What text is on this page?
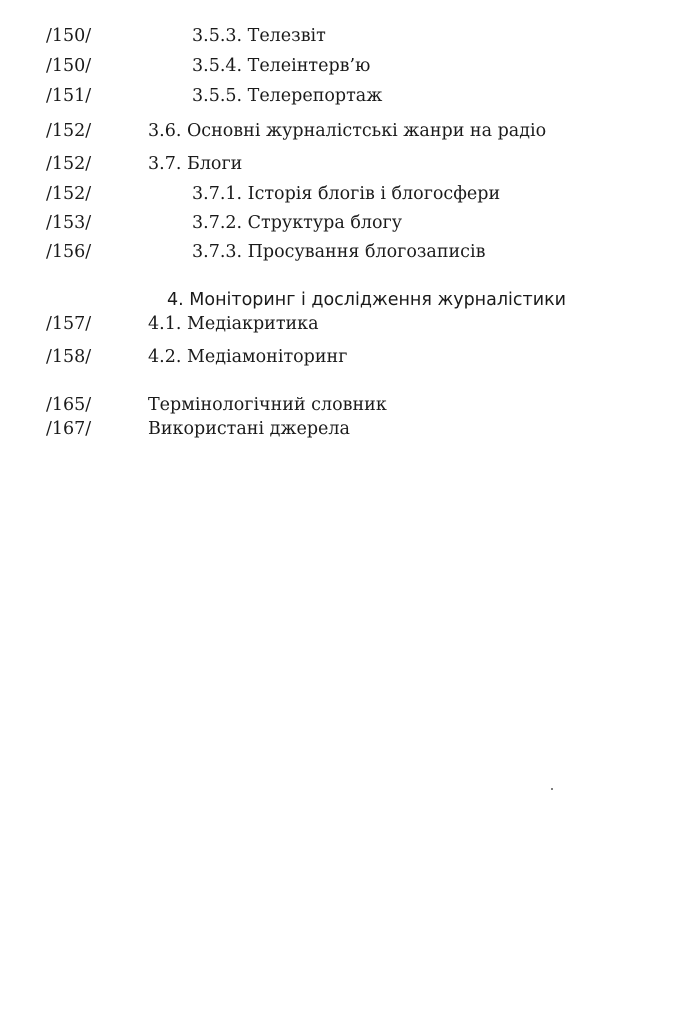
/150/	3.5.3. Телезвіт
/150/	3.5.4. Телеінтерв’ю
/151/	3.5.5. Телерепортаж
/152/	3.6. Основні журналістські жанри на радіо
/152/	3.7. Блоги
/152/	3.7.1. Історія блогів і блогосфери
/153/	3.7.2. Структура блогу
/156/	3.7.3. Просування блогозаписів
4. Моніторинг і дослідження журналістики
/157/	4.1. Медіакритика
/158/	4.2. Медіамоніторинг
/165/	Термінологічний словник
/167/	Використані джерела
